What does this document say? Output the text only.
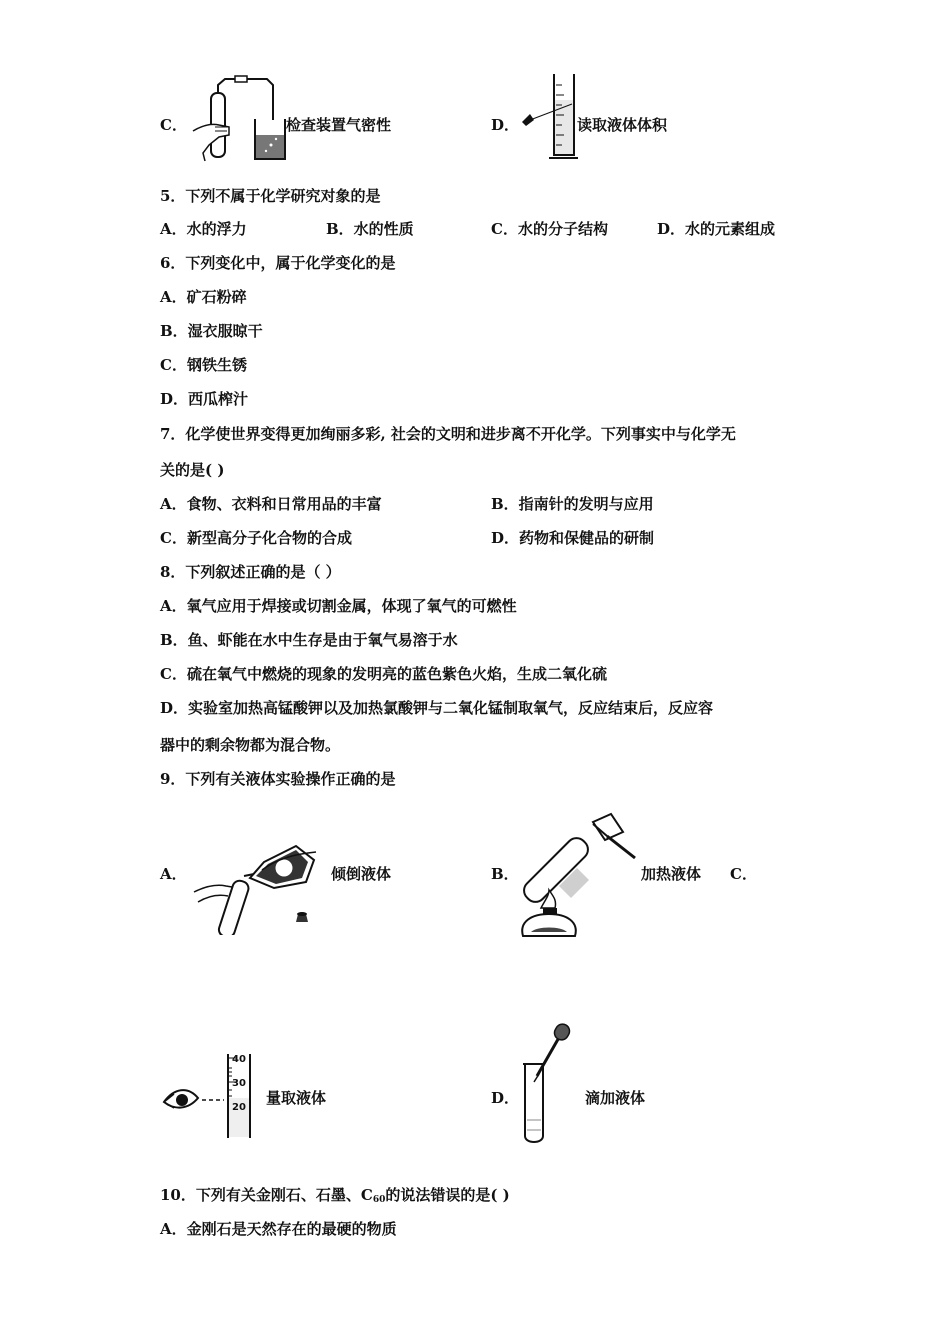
C．	检查装置气密性	D．	读取液体体积
5．下列不属于化学研究对象的是
A．水的浮力	B．水的性质	C．水的分子结构	D．水的元素组成
6．下列变化中，属于化学变化的是
A．矿石粉碎
B．湿衣服晾干
C．钢铁生锈
D．西瓜榨汁
7．化学使世界变得更加绚丽多彩, 社会的文明和进步离不开化学。下列事实中与化学无
关的是( )
A．食物、衣料和日常用品的丰富	B．指南针的发明与应用
C．新型高分子化合物的合成	D．药物和保健品的研制
8．下列叙述正确的是（ ）
A．氧气应用于焊接或切割金属，体现了氧气的可燃性
B．鱼、虾能在水中生存是由于氧气易溶于水
C．硫在氧气中燃烧的现象的发明亮的蓝色紫色火焰，生成二氧化硫
D．实验室加热高锰酸钾以及加热氯酸钾与二氧化锰制取氧气，反应结束后，反应容
器中的剩余物都为混合物。
9．下列有关液体实验操作正确的是
A．	倾倒液体	B．	加热液体 C．
40
30
20
量取液体	D．	滴加液体
10．下列有关金刚石、石墨、$C_{60}$的说法错误的是( )
A．金刚石是天然存在的最硬的物质
